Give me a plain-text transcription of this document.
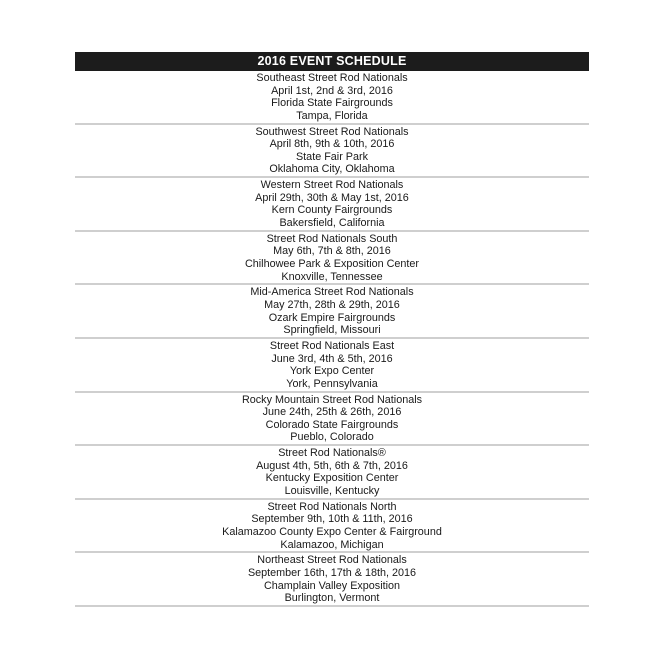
2016 EVENT SCHEDULE
Southeast Street Rod Nationals
April 1st, 2nd & 3rd, 2016
Florida State Fairgrounds
Tampa, Florida
Southwest Street Rod Nationals
April 8th, 9th & 10th, 2016
State Fair Park
Oklahoma City, Oklahoma
Western Street Rod Nationals
April 29th, 30th & May 1st, 2016
Kern County Fairgrounds
Bakersfield, California
Street Rod Nationals South
May 6th, 7th & 8th, 2016
Chilhowee Park & Exposition Center
Knoxville, Tennessee
Mid-America Street Rod Nationals
May 27th, 28th & 29th, 2016
Ozark Empire Fairgrounds
Springfield, Missouri
Street Rod Nationals East
June 3rd, 4th & 5th, 2016
York Expo Center
York, Pennsylvania
Rocky Mountain Street Rod Nationals
June 24th, 25th & 26th, 2016
Colorado State Fairgrounds
Pueblo, Colorado
Street Rod Nationals®
August 4th, 5th, 6th & 7th, 2016
Kentucky Exposition Center
Louisville, Kentucky
Street Rod Nationals North
September 9th, 10th & 11th, 2016
Kalamazoo County Expo Center & Fairground
Kalamazoo, Michigan
Northeast Street Rod Nationals
September 16th, 17th & 18th, 2016
Champlain Valley Exposition
Burlington, Vermont
